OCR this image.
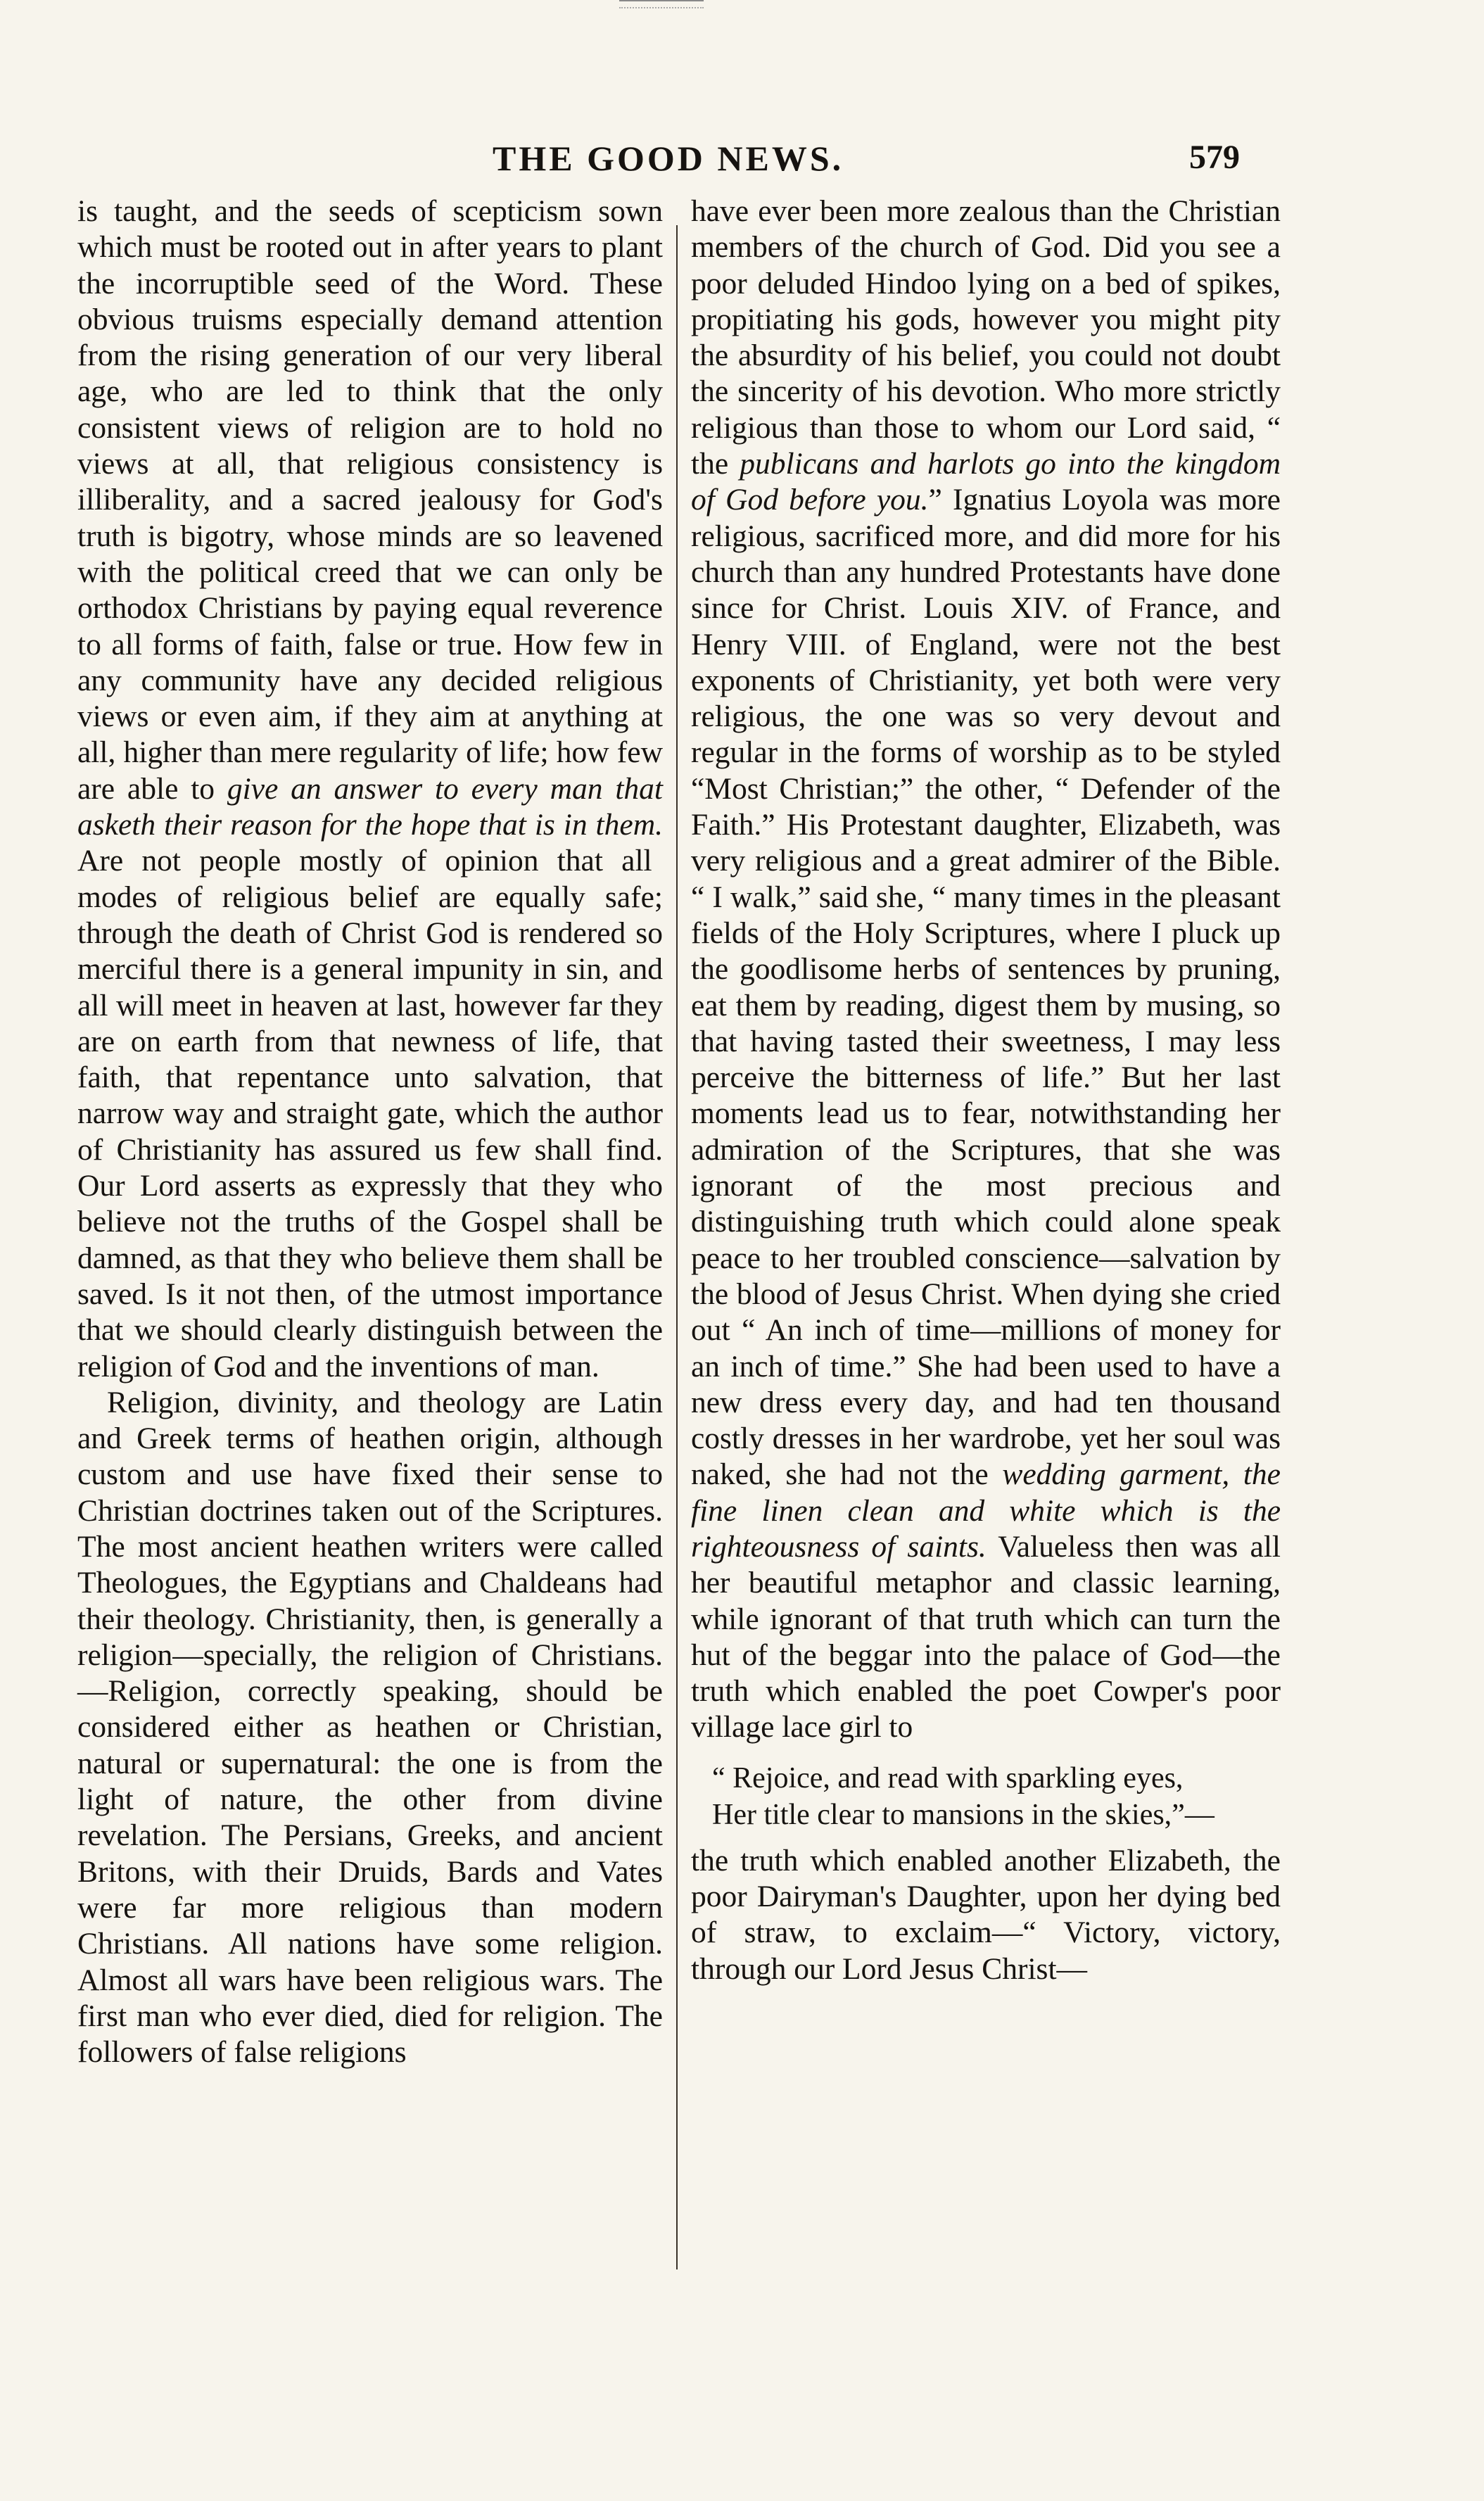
THE GOOD NEWS.	579

is taught, and the seeds of scepticism sown which must be rooted out in after years to plant the incorruptible seed of the Word. These obvious truisms especially demand attention from the rising generation of our very liberal age, who are led to think that the only consistent views of religion are to hold no views at all, that religious consistency is illiberality, and a sacred jealousy for God's truth is bigotry, whose minds are so leavened with the political creed that we can only be orthodox Christians by paying equal reverence to all forms of faith, false or true. How few in any community have any decided religious views or even aim, if they aim at anything at all, higher than mere regularity of life; how few are able to give an answer to every man that asketh their reason for the hope that is in them. Are not people mostly of opinion that all modes of religious belief are equally safe; through the death of Christ God is rendered so merciful there is a general impunity in sin, and all will meet in heaven at last, however far they are on earth from that newness of life, that faith, that repentance unto salvation, that narrow way and straight gate, which the author of Christianity has assured us few shall find. Our Lord asserts as expressly that they who believe not the truths of the Gospel shall be damned, as that they who believe them shall be saved. Is it not then, of the utmost importance that we should clearly distinguish between the religion of God and the inventions of man.

Religion, divinity, and theology are Latin and Greek terms of heathen origin, although custom and use have fixed their sense to Christian doctrines taken out of the Scriptures. The most ancient heathen writers were called Theologues, the Egyptians and Chaldeans had their theology. Christianity, then, is generally a religion—specially, the religion of Christians.—Religion, correctly speaking, should be considered either as heathen or Christian, natural or supernatural: the one is from the light of nature, the other from divine revelation. The Persians, Greeks, and ancient Britons, with their Druids, Bards and Vates were far more religious than modern Christians. All nations have some religion. Almost all wars have been religious wars. The first man who ever died, died for religion. The followers of false religions

have ever been more zealous than the Christian members of the church of God. Did you see a poor deluded Hindoo lying on a bed of spikes, propitiating his gods, however you might pity the absurdity of his belief, you could not doubt the sincerity of his devotion. Who more strictly religious than those to whom our Lord said, “ the publicans and harlots go into the kingdom of God before you.” Ignatius Loyola was more religious, sacrificed more, and did more for his church than any hundred Protestants have done since for Christ. Louis XIV. of France, and Henry VIII. of England, were not the best exponents of Christianity, yet both were very religious, the one was so very devout and regular in the forms of worship as to be styled “Most Christian;” the other, “ Defender of the Faith.” His Protestant daughter, Elizabeth, was very religious and a great admirer of the Bible. “ I walk,” said she, “ many times in the pleasant fields of the Holy Scriptures, where I pluck up the goodlisome herbs of sentences by pruning, eat them by reading, digest them by musing, so that having tasted their sweetness, I may less perceive the bitterness of life.” But her last moments lead us to fear, notwithstanding her admiration of the Scriptures, that she was ignorant of the most precious and distinguishing truth which could alone speak peace to her troubled conscience—salvation by the blood of Jesus Christ. When dying she cried out “ An inch of time—millions of money for an inch of time.” She had been used to have a new dress every day, and had ten thousand costly dresses in her wardrobe, yet her soul was naked, she had not the wedding garment, the fine linen clean and white which is the righteousness of saints. Valueless then was all her beautiful metaphor and classic learning, while ignorant of that truth which can turn the hut of the beggar into the palace of God—the truth which enabled the poet Cowper's poor village lace girl to

“ Rejoice, and read with sparkling eyes,
Her title clear to mansions in the skies,”—

the truth which enabled another Elizabeth, the poor Dairyman's Daughter, upon her dying bed of straw, to exclaim—“ Victory, victory, through our Lord Jesus Christ—
